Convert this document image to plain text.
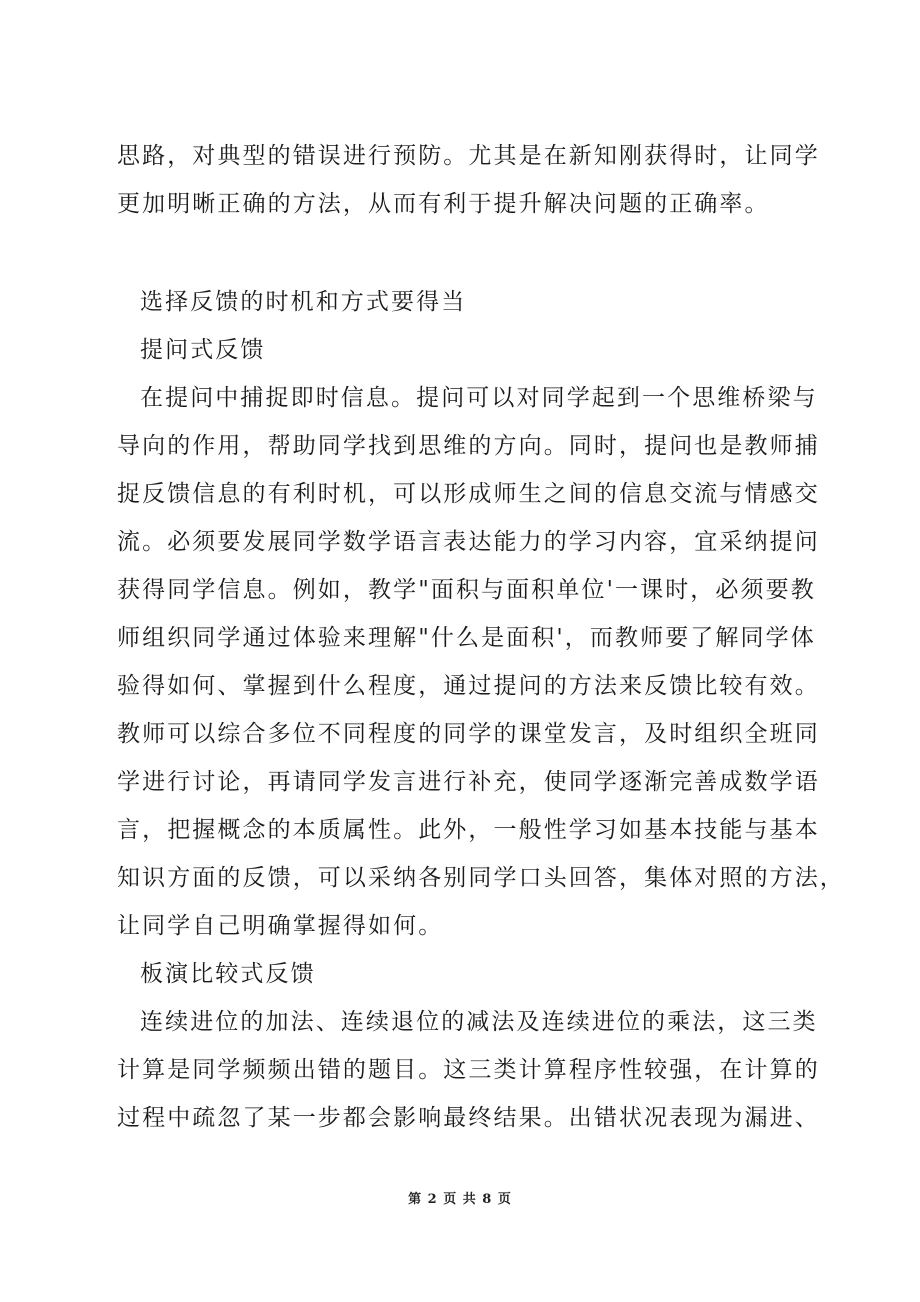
思路，对典型的错误进行预防。尤其是在新知刚获得时，让同学
更加明晰正确的方法，从而有利于提升解决问题的正确率。
选择反馈的时机和方式要得当
提问式反馈
在提问中捕捉即时信息。提问可以对同学起到一个思维桥梁与
导向的作用，帮助同学找到思维的方向。同时，提问也是教师捕
捉反馈信息的有利时机，可以形成师生之间的信息交流与情感交
流。必须要发展同学数学语言表达能力的学习内容，宜采纳提问
获得同学信息。例如，教学"面积与面积单位'一课时，必须要教
师组织同学通过体验来理解"什么是面积'，而教师要了解同学体
验得如何、掌握到什么程度，通过提问的方法来反馈比较有效。
教师可以综合多位不同程度的同学的课堂发言，及时组织全班同
学进行讨论，再请同学发言进行补充，使同学逐渐完善成数学语
言，把握概念的本质属性。此外，一般性学习如基本技能与基本
知识方面的反馈，可以采纳各别同学口头回答，集体对照的方法，
让同学自己明确掌握得如何。
板演比较式反馈
连续进位的加法、连续退位的减法及连续进位的乘法，这三类
计算是同学频频出错的题目。这三类计算程序性较强，在计算的
过程中疏忽了某一步都会影响最终结果。出错状况表现为漏进、
第 2 页 共 8 页
